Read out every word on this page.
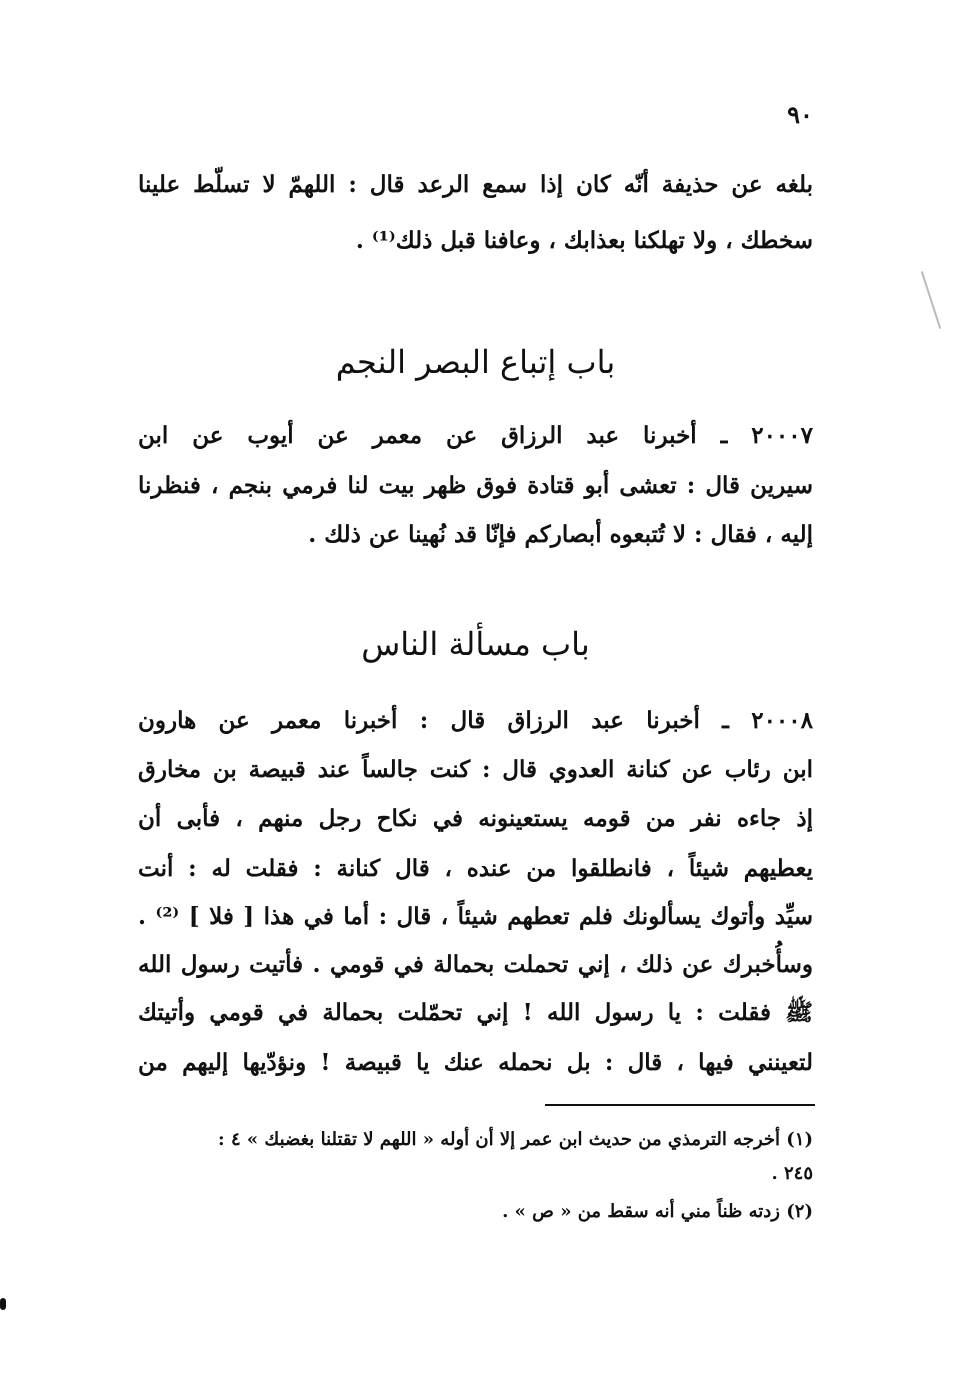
٩٠
بلغه عن حذيفة أنّه كان إذا سمع الرعد قال : اللهمّ لا تسلّط علينا
سخطك ، ولا تهلكنا بعذابك ، وعافنا قبل ذلك⁽¹⁾ .
باب إتباع البصر النجم
٢٠٠٠٧ ـ أخبرنا عبد الرزاق عن معمر عن أيوب عن ابن
سيرين قال : تعشى أبو قتادة فوق ظهر بيت لنا فرمي بنجم ، فنظرنا
إليه ، فقال : لا تُتبعوه أبصاركم فإنّا قد نُهينا عن ذلك .
باب مسألة الناس
٢٠٠٠٨ ـ أخبرنا عبد الرزاق قال : أخبرنا معمر عن هارون
ابن رئاب عن كنانة العدوي قال : كنت جالساً عند قبيصة بن مخارق
إذ جاءه نفر من قومه يستعينونه في نكاح رجل منهم ، فأبى أن
يعطيهم شيئاً ، فانطلقوا من عنده ، قال كنانة : فقلت له : أنت
سيِّد وأتوك يسألونك فلم تعطهم شيئاً ، قال : أما في هذا [ فلا ] ⁽²⁾ .
وسأُخبرك عن ذلك ، إني تحملت بحمالة في قومي . فأتيت رسول الله
ﷺ فقلت : يا رسول الله ! إني تحمّلت بحمالة في قومي وأتيتك
لتعينني فيها ، قال : بل نحمله عنك يا قبيصة ! ونؤدّيها إليهم من
(١) أخرجه الترمذي من حديث ابن عمر إلا أن أوله « اللهم لا تقتلنا بغضبك » ٤ :
٢٤٥ .
(٢) زدته ظناً مني أنه سقط من « ص » .
